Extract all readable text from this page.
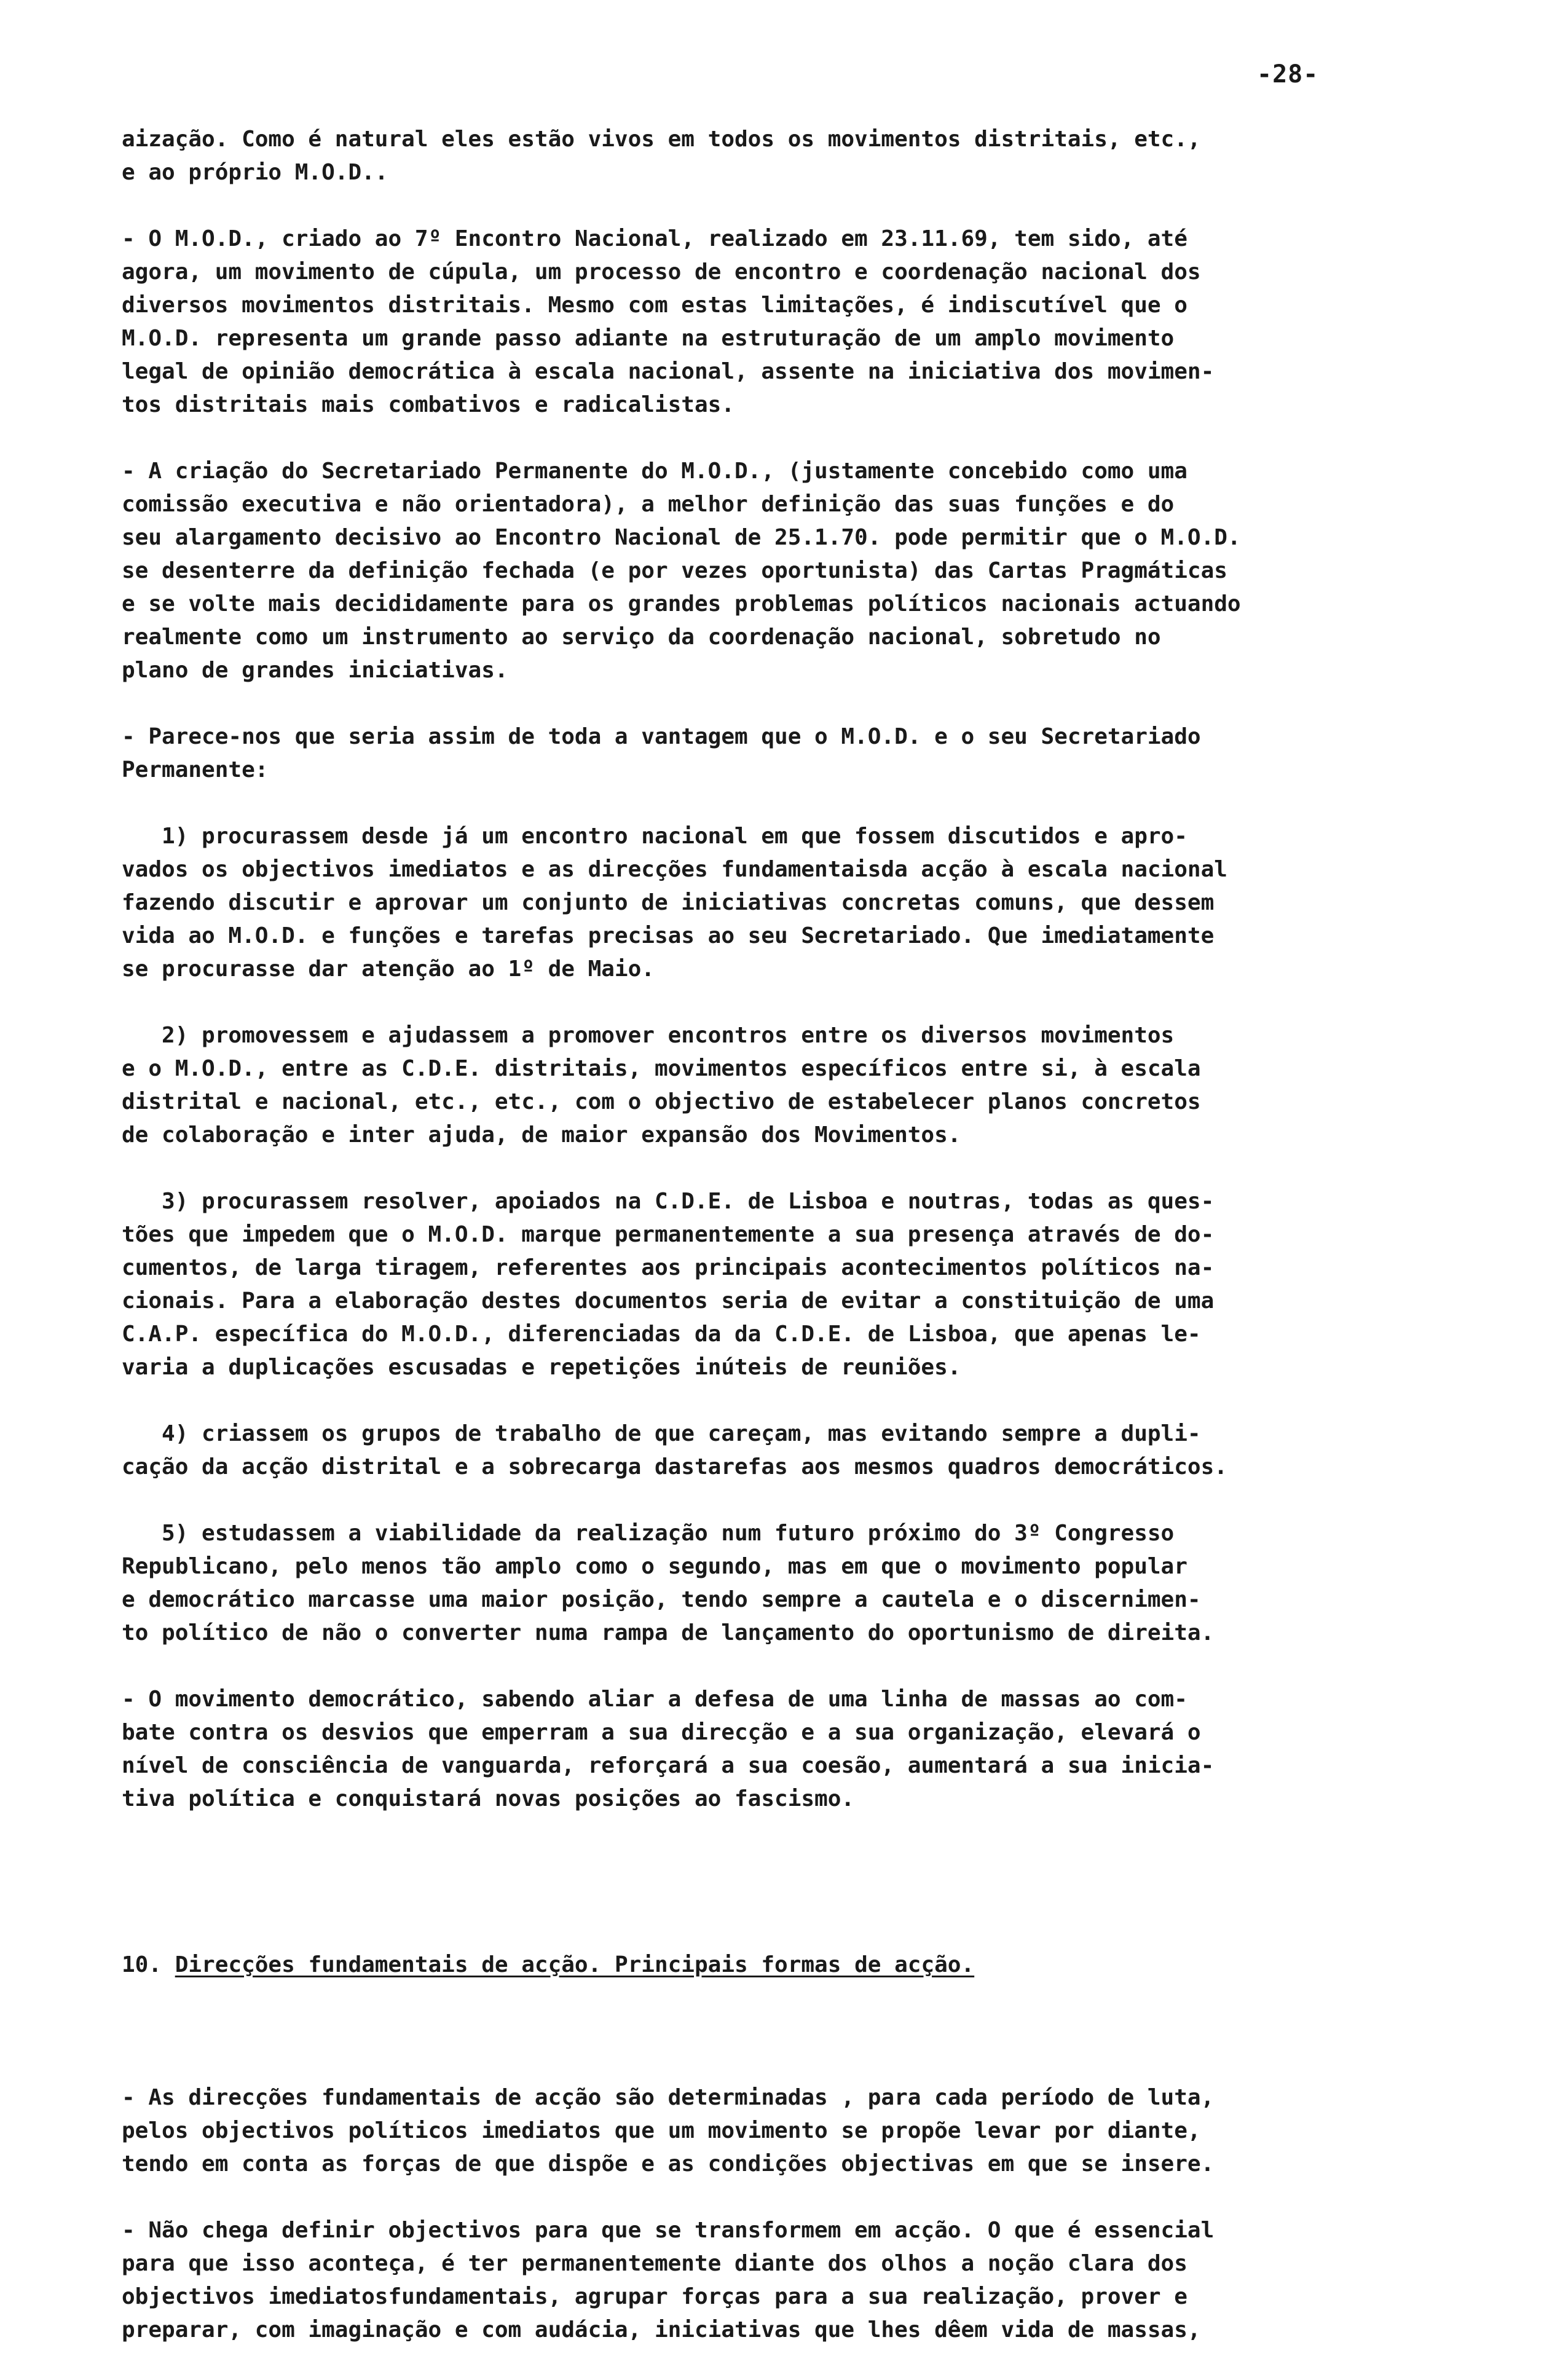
-28-
aização. Como é natural eles estão vivos em todos os movimentos distritais, etc.,
e ao próprio M.O.D..
- O M.O.D., criado ao 7º Encontro Nacional, realizado em 23.11.69, tem sido, até
agora, um movimento de cúpula, um processo de encontro e coordenação nacional dos
diversos movimentos distritais. Mesmo com estas limitações, é indiscutível que o
M.O.D. representa um grande passo adiante na estruturação de um amplo movimento
legal de opinião democrática à escala nacional, assente na iniciativa dos movimen-
tos distritais mais combativos e radicalistas.
- A criação do Secretariado Permanente do M.O.D., (justamente concebido como uma
comissão executiva e não orientadora), a melhor definição das suas funções e do
seu alargamento decisivo ao Encontro Nacional de 25.1.70. pode permitir que o M.O.D.
se desenterre da definição fechada (e por vezes oportunista) das Cartas Pragmáticas
e se volte mais decididamente para os grandes problemas políticos nacionais actuando
realmente como um instrumento ao serviço da coordenação nacional, sobretudo no
plano de grandes iniciativas.
- Parece-nos que seria assim de toda a vantagem que o M.O.D. e o seu Secretariado
Permanente:
1) procurassem desde já um encontro nacional em que fossem discutidos e apro-
vados os objectivos imediatos e as direcções fundamentaisda acção à escala nacional
fazendo discutir e aprovar um conjunto de iniciativas concretas comuns, que dessem
vida ao M.O.D. e funções e tarefas precisas ao seu Secretariado. Que imediatamente
se procurasse dar atenção ao 1º de Maio.
2) promovessem e ajudassem a promover encontros entre os diversos movimentos
e o M.O.D., entre as C.D.E. distritais, movimentos específicos entre si, à escala
distrital e nacional, etc., etc., com o objectivo de estabelecer planos concretos
de colaboração e inter ajuda, de maior expansão dos Movimentos.
3) procurassem resolver, apoiados na C.D.E. de Lisboa e noutras, todas as ques-
tões que impedem que o M.O.D. marque permanentemente a sua presença através de do-
cumentos, de larga tiragem, referentes aos principais acontecimentos políticos na-
cionais. Para a elaboração destes documentos seria de evitar a constituição de uma
C.A.P. específica do M.O.D., diferenciadas da da C.D.E. de Lisboa, que apenas le-
varia a duplicações escusadas e repetições inúteis de reuniões.
4) criassem os grupos de trabalho de que careçam, mas evitando sempre a dupli-
cação da acção distrital e a sobrecarga dastarefas aos mesmos quadros democráticos.
5) estudassem a viabilidade da realização num futuro próximo do 3º Congresso
Republicano, pelo menos tão amplo como o segundo, mas em que o movimento popular
e democrático marcasse uma maior posição, tendo sempre a cautela e o discernimen-
to político de não o converter numa rampa de lançamento do oportunismo de direita.
- O movimento democrático, sabendo aliar a defesa de uma linha de massas ao com-
bate contra os desvios que emperram a sua direcção e a sua organização, elevará o
nível de consciência de vanguarda, reforçará a sua coesão, aumentará a sua inicia-
tiva política e conquistará novas posições ao fascismo.

10. Direcções fundamentais de acção. Principais formas de acção.

- As direcções fundamentais de acção são determinadas , para cada período de luta,
pelos objectivos políticos imediatos que um movimento se propõe levar por diante,
tendo em conta as forças de que dispõe e as condições objectivas em que se insere.
- Não chega definir objectivos para que se transformem em acção. O que é essencial
para que isso aconteça, é ter permanentemente diante dos olhos a noção clara dos
objectivos imediatosfundamentais, agrupar forças para a sua realização, prover e
preparar, com imaginação e com audácia, iniciativas que lhes dêem vida de massas,
